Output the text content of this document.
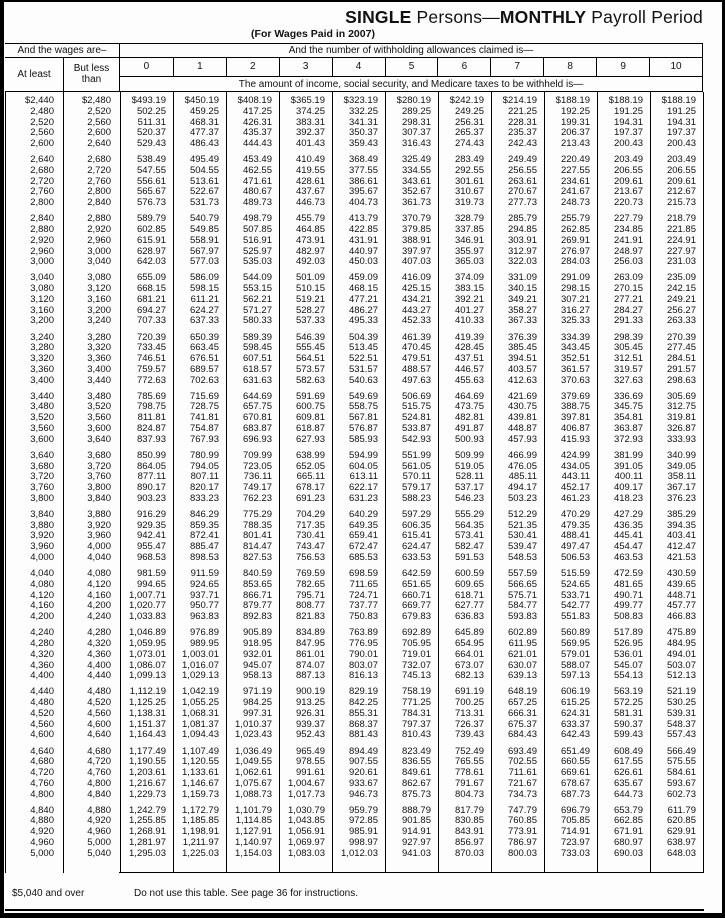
SINGLE Persons—MONTHLY Payroll Period
(For Wages Paid in 2007)
And the wages are–	And the number of withholding allowances claimed is—
At least	But less than
0	1	2	3	4	5	6	7	8	9	10
The amount of income, social security, and Medicare taxes to be withheld is—
$2,440	$2,480	$493.19	$450.19	$408.19	$365.19	$323.19	$280.19	$242.19	$214.19	$188.19	$188.19	$188.19
2,480	2,520	502.25	459.25	417.25	374.25	332.25	289.25	249.25	221.25	192.25	191.25	191.25
2,520	2,560	511.31	468.31	426.31	383.31	341.31	298.31	256.31	228.31	199.31	194.31	194.31
2,560	2,600	520.37	477.37	435.37	392.37	350.37	307.37	265.37	235.37	206.37	197.37	197.37
2,600	2,640	529.43	486.43	444.43	401.43	359.43	316.43	274.43	242.43	213.43	200.43	200.43
2,640	2,680	538.49	495.49	453.49	410.49	368.49	325.49	283.49	249.49	220.49	203.49	203.49
2,680	2,720	547.55	504.55	462.55	419.55	377.55	334.55	292.55	256.55	227.55	206.55	206.55
2,720	2,760	556.61	513.61	471.61	428.61	386.61	343.61	301.61	263.61	234.61	209.61	209.61
2,760	2,800	565.67	522.67	480.67	437.67	395.67	352.67	310.67	270.67	241.67	213.67	212.67
2,800	2,840	576.73	531.73	489.73	446.73	404.73	361.73	319.73	277.73	248.73	220.73	215.73
2,840	2,880	589.79	540.79	498.79	455.79	413.79	370.79	328.79	285.79	255.79	227.79	218.79
2,880	2,920	602.85	549.85	507.85	464.85	422.85	379.85	337.85	294.85	262.85	234.85	221.85
2,920	2,960	615.91	558.91	516.91	473.91	431.91	388.91	346.91	303.91	269.91	241.91	224.91
2,960	3,000	628.97	567.97	525.97	482.97	440.97	397.97	355.97	312.97	276.97	248.97	227.97
3,000	3,040	642.03	577.03	535.03	492.03	450.03	407.03	365.03	322.03	284.03	256.03	231.03
3,040	3,080	655.09	586.09	544.09	501.09	459.09	416.09	374.09	331.09	291.09	263.09	235.09
3,080	3,120	668.15	598.15	553.15	510.15	468.15	425.15	383.15	340.15	298.15	270.15	242.15
3,120	3,160	681.21	611.21	562.21	519.21	477.21	434.21	392.21	349.21	307.21	277.21	249.21
3,160	3,200	694.27	624.27	571.27	528.27	486.27	443.27	401.27	358.27	316.27	284.27	256.27
3,200	3,240	707.33	637.33	580.33	537.33	495.33	452.33	410.33	367.33	325.33	291.33	263.33
3,240	3,280	720.39	650.39	589.39	546.39	504.39	461.39	419.39	376.39	334.39	298.39	270.39
3,280	3,320	733.45	663.45	598.45	555.45	513.45	470.45	428.45	385.45	343.45	305.45	277.45
3,320	3,360	746.51	676.51	607.51	564.51	522.51	479.51	437.51	394.51	352.51	312.51	284.51
3,360	3,400	759.57	689.57	618.57	573.57	531.57	488.57	446.57	403.57	361.57	319.57	291.57
3,400	3,440	772.63	702.63	631.63	582.63	540.63	497.63	455.63	412.63	370.63	327.63	298.63
3,440	3,480	785.69	715.69	644.69	591.69	549.69	506.69	464.69	421.69	379.69	336.69	305.69
3,480	3,520	798.75	728.75	657.75	600.75	558.75	515.75	473.75	430.75	388.75	345.75	312.75
3,520	3,560	811.81	741.81	670.81	609.81	567.81	524.81	482.81	439.81	397.81	354.81	319.81
3,560	3,600	824.87	754.87	683.87	618.87	576.87	533.87	491.87	448.87	406.87	363.87	326.87
3,600	3,640	837.93	767.93	696.93	627.93	585.93	542.93	500.93	457.93	415.93	372.93	333.93
3,640	3,680	850.99	780.99	709.99	638.99	594.99	551.99	509.99	466.99	424.99	381.99	340.99
3,680	3,720	864.05	794.05	723.05	652.05	604.05	561.05	519.05	476.05	434.05	391.05	349.05
3,720	3,760	877.11	807.11	736.11	665.11	613.11	570.11	528.11	485.11	443.11	400.11	358.11
3,760	3,800	890.17	820.17	749.17	678.17	622.17	579.17	537.17	494.17	452.17	409.17	367.17
3,800	3,840	903.23	833.23	762.23	691.23	631.23	588.23	546.23	503.23	461.23	418.23	376.23
3,840	3,880	916.29	846.29	775.29	704.29	640.29	597.29	555.29	512.29	470.29	427.29	385.29
3,880	3,920	929.35	859.35	788.35	717.35	649.35	606.35	564.35	521.35	479.35	436.35	394.35
3,920	3,960	942.41	872.41	801.41	730.41	659.41	615.41	573.41	530.41	488.41	445.41	403.41
3,960	4,000	955.47	885.47	814.47	743.47	672.47	624.47	582.47	539.47	497.47	454.47	412.47
4,000	4,040	968.53	898.53	827.53	756.53	685.53	633.53	591.53	548.53	506.53	463.53	421.53
4,040	4,080	981.59	911.59	840.59	769.59	698.59	642.59	600.59	557.59	515.59	472.59	430.59
4,080	4,120	994.65	924.65	853.65	782.65	711.65	651.65	609.65	566.65	524.65	481.65	439.65
4,120	4,160	1,007.71	937.71	866.71	795.71	724.71	660.71	618.71	575.71	533.71	490.71	448.71
4,160	4,200	1,020.77	950.77	879.77	808.77	737.77	669.77	627.77	584.77	542.77	499.77	457.77
4,200	4,240	1,033.83	963.83	892.83	821.83	750.83	679.83	636.83	593.83	551.83	508.83	466.83
4,240	4,280	1,046.89	976.89	905.89	834.89	763.89	692.89	645.89	602.89	560.89	517.89	475.89
4,280	4,320	1,059.95	989.95	918.95	847.95	776.95	705.95	654.95	611.95	569.95	526.95	484.95
4,320	4,360	1,073.01	1,003.01	932.01	861.01	790.01	719.01	664.01	621.01	579.01	536.01	494.01
4,360	4,400	1,086.07	1,016.07	945.07	874.07	803.07	732.07	673.07	630.07	588.07	545.07	503.07
4,400	4,440	1,099.13	1,029.13	958.13	887.13	816.13	745.13	682.13	639.13	597.13	554.13	512.13
4,440	4,480	1,112.19	1,042.19	971.19	900.19	829.19	758.19	691.19	648.19	606.19	563.19	521.19
4,480	4,520	1,125.25	1,055.25	984.25	913.25	842.25	771.25	700.25	657.25	615.25	572.25	530.25
4,520	4,560	1,138.31	1,068.31	997.31	926.31	855.31	784.31	713.31	666.31	624.31	581.31	539.31
4,560	4,600	1,151.37	1,081.37	1,010.37	939.37	868.37	797.37	726.37	675.37	633.37	590.37	548.37
4,600	4,640	1,164.43	1,094.43	1,023.43	952.43	881.43	810.43	739.43	684.43	642.43	599.43	557.43
4,640	4,680	1,177.49	1,107.49	1,036.49	965.49	894.49	823.49	752.49	693.49	651.49	608.49	566.49
4,680	4,720	1,190.55	1,120.55	1,049.55	978.55	907.55	836.55	765.55	702.55	660.55	617.55	575.55
4,720	4,760	1,203.61	1,133.61	1,062.61	991.61	920.61	849.61	778.61	711.61	669.61	626.61	584.61
4,760	4,800	1,216.67	1,146.67	1,075.67	1,004.67	933.67	862.67	791.67	721.67	678.67	635.67	593.67
4,800	4,840	1,229.73	1,159.73	1,088.73	1,017.73	946.73	875.73	804.73	734.73	687.73	644.73	602.73
4,840	4,880	1,242.79	1,172.79	1,101.79	1,030.79	959.79	888.79	817.79	747.79	696.79	653.79	611.79
4,880	4,920	1,255.85	1,185.85	1,114.85	1,043.85	972.85	901.85	830.85	760.85	705.85	662.85	620.85
4,920	4,960	1,268.91	1,198.91	1,127.91	1,056.91	985.91	914.91	843.91	773.91	714.91	671.91	629.91
4,960	5,000	1,281.97	1,211.97	1,140.97	1,069.97	998.97	927.97	856.97	786.97	723.97	680.97	638.97
5,000	5,040	1,295.03	1,225.03	1,154.03	1,083.03	1,012.03	941.03	870.03	800.03	733.03	690.03	648.03
$5,040 and over	Do not use this table. See page 36 for instructions.
